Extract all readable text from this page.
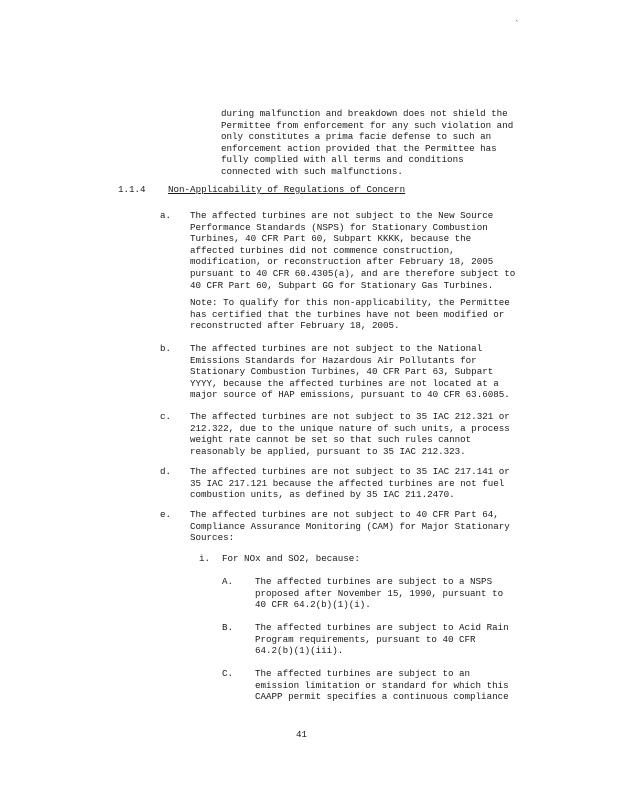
`
during malfunction and breakdown does not shield the
Permittee from enforcement for any such violation and
only constitutes a prima facie defense to such an
enforcement action provided that the Permittee has
fully complied with all terms and conditions
connected with such malfunctions.
1.1.4 Non-Applicability of Regulations of Concern
a. The affected turbines are not subject to the New Source
Performance Standards (NSPS) for Stationary Combustion
Turbines, 40 CFR Part 60, Subpart KKKK, because the
affected turbines did not commence construction,
modification, or reconstruction after February 18, 2005
pursuant to 40 CFR 60.4305(a), and are therefore subject to
40 CFR Part 60, Subpart GG for Stationary Gas Turbines.
Note: To qualify for this non-applicability, the Permittee
has certified that the turbines have not been modified or
reconstructed after February 18, 2005.
b. The affected turbines are not subject to the National
Emissions Standards for Hazardous Air Pollutants for
Stationary Combustion Turbines, 40 CFR Part 63, Subpart
YYYY, because the affected turbines are not located at a
major source of HAP emissions, pursuant to 40 CFR 63.6085.
c. The affected turbines are not subject to 35 IAC 212.321 or
212.322, due to the unique nature of such units, a process
weight rate cannot be set so that such rules cannot
reasonably be applied, pursuant to 35 IAC 212.323.
d. The affected turbines are not subject to 35 IAC 217.141 or
35 IAC 217.121 because the affected turbines are not fuel
combustion units, as defined by 35 IAC 211.2470.
e. The affected turbines are not subject to 40 CFR Part 64,
Compliance Assurance Monitoring (CAM) for Major Stationary
Sources:
i. For NOx and SO2, because:
A. The affected turbines are subject to a NSPS
proposed after November 15, 1990, pursuant to
40 CFR 64.2(b)(1)(i).
B. The affected turbines are subject to Acid Rain
Program requirements, pursuant to 40 CFR
64.2(b)(1)(iii).
C. The affected turbines are subject to an
emission limitation or standard for which this
CAAPP permit specifies a continuous compliance
41
